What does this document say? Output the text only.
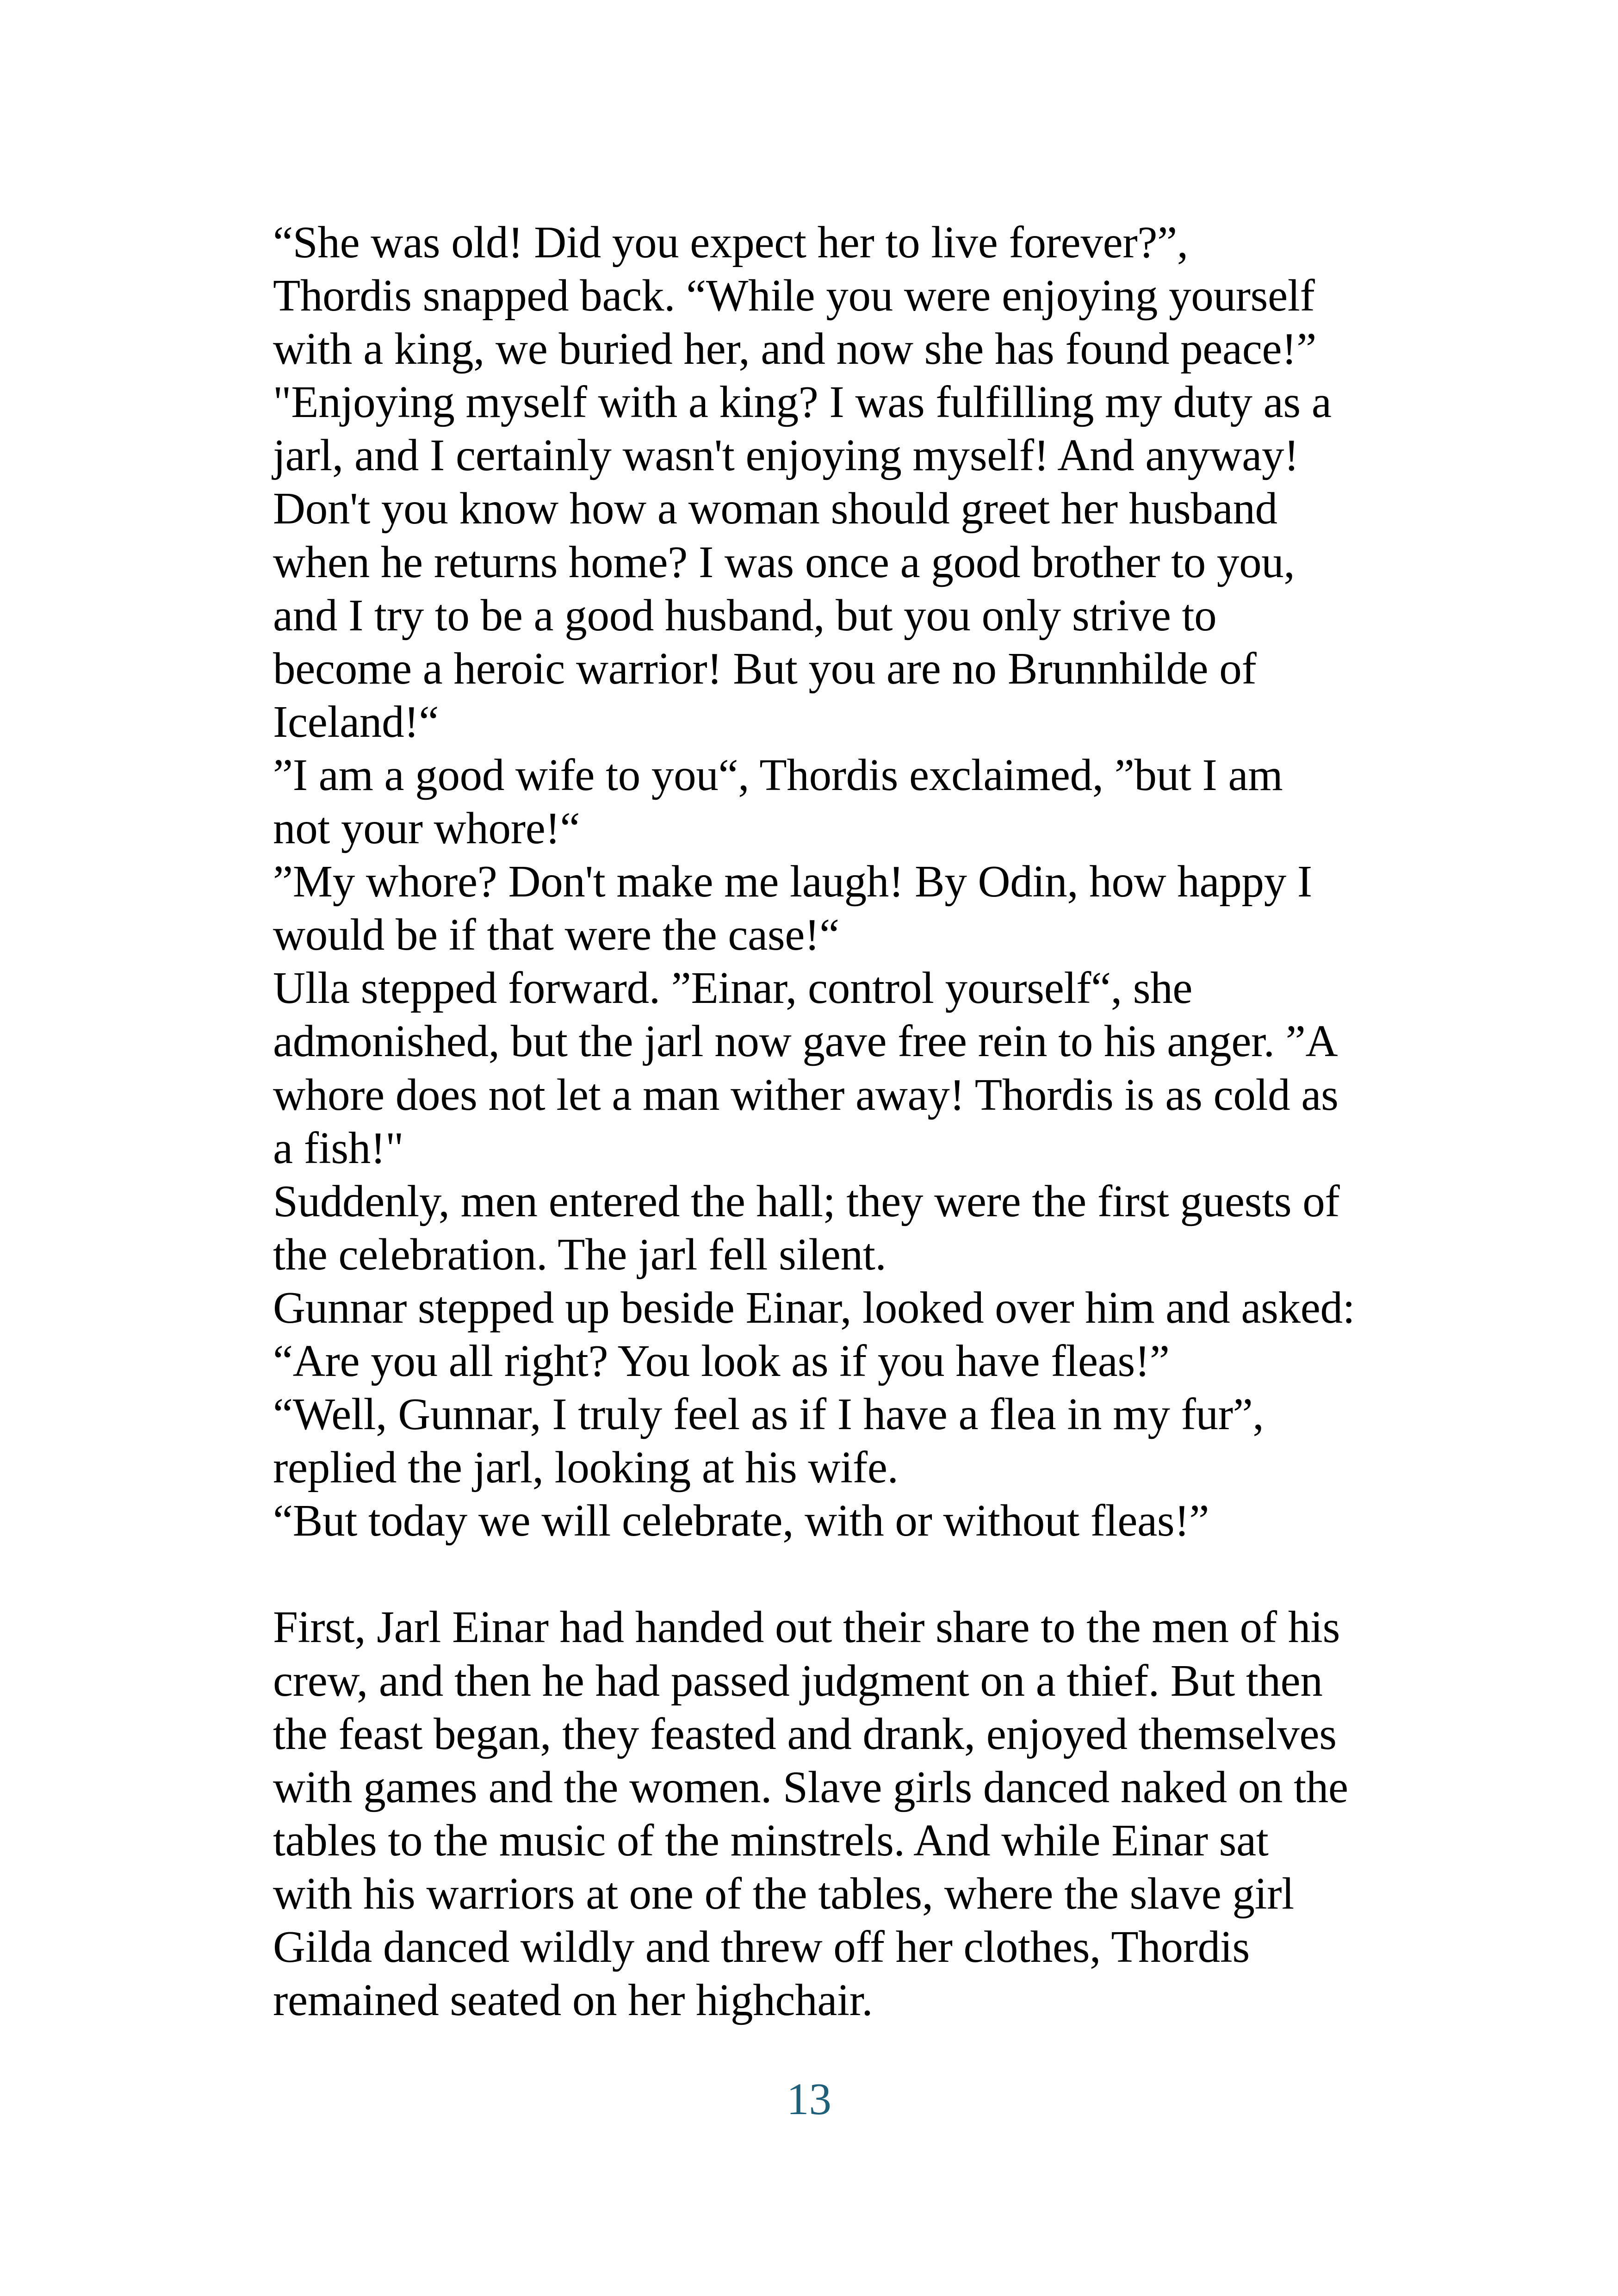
“She was old! Did you expect her to live forever?”,
Thordis snapped back. “While you were enjoying yourself
with a king, we buried her, and now she has found peace!”
"Enjoying myself with a king? I was fulfilling my duty as a
jarl, and I certainly wasn't enjoying myself! And anyway!
Don't you know how a woman should greet her husband
when he returns home? I was once a good brother to you,
and I try to be a good husband, but you only strive to
become a heroic warrior! But you are no Brunnhilde of
Iceland!“
”I am a good wife to you“, Thordis exclaimed, ”but I am
not your whore!“
”My whore? Don't make me laugh! By Odin, how happy I
would be if that were the case!“
Ulla stepped forward. ”Einar, control yourself“, she
admonished, but the jarl now gave free rein to his anger. ”A
whore does not let a man wither away! Thordis is as cold as
a fish!"
Suddenly, men entered the hall; they were the first guests of
the celebration. The jarl fell silent.
Gunnar stepped up beside Einar, looked over him and asked:
“Are you all right? You look as if you have fleas!”
“Well, Gunnar, I truly feel as if I have a flea in my fur”,
replied the jarl, looking at his wife.
“But today we will celebrate, with or without fleas!”
First, Jarl Einar had handed out their share to the men of his
crew, and then he had passed judgment on a thief. But then
the feast began, they feasted and drank, enjoyed themselves
with games and the women. Slave girls danced naked on the
tables to the music of the minstrels. And while Einar sat
with his warriors at one of the tables, where the slave girl
Gilda danced wildly and threw off her clothes, Thordis
remained seated on her highchair.
13
